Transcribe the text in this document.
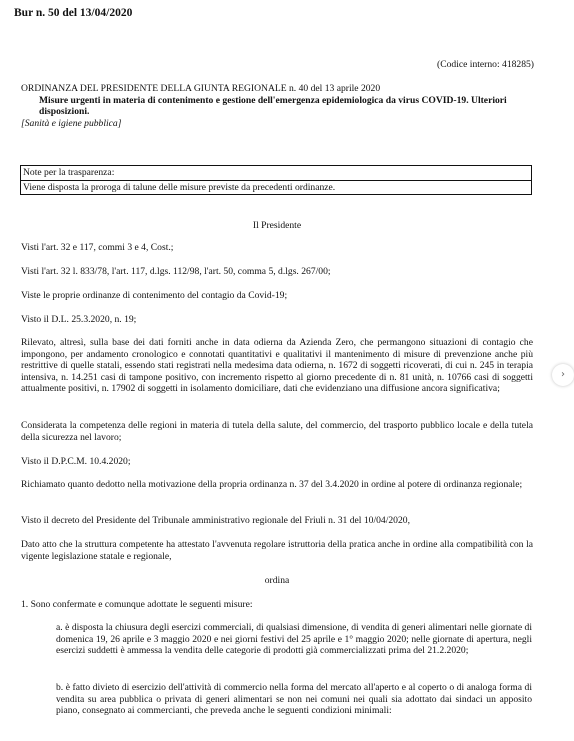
Bur n. 50 del 13/04/2020
(Codice interno: 418285)
ORDINANZA DEL PRESIDENTE DELLA GIUNTA REGIONALE n. 40 del 13 aprile 2020
Misure urgenti in materia di contenimento e gestione dell'emergenza epidemiologica da virus COVID-19. Ulteriori disposizioni.
[Sanità e igiene pubblica]
Note per la trasparenza:
Viene disposta la proroga di talune delle misure previste da precedenti ordinanze.
Il Presidente
Visti l'art. 32 e 117, commi 3 e 4, Cost.;
Visti l'art. 32 l. 833/78, l'art. 117, d.lgs. 112/98, l'art. 50, comma 5, d.lgs. 267/00;
Viste le proprie ordinanze di contenimento del contagio da Covid-19;
Visto il D.L. 25.3.2020, n. 19;
Rilevato, altresì, sulla base dei dati forniti anche in data odierna da Azienda Zero, che permangono situazioni di contagio che impongono, per andamento cronologico e connotati quantitativi e qualitativi il mantenimento di misure di prevenzione anche più restrittive di quelle statali, essendo stati registrati nella medesima data odierna, n. 1672 di soggetti ricoverati, di cui n. 245 in terapia intensiva, n. 14.251 casi di tampone positivo, con incremento rispetto al giorno precedente di n. 81 unità, n. 10766 casi di soggetti attualmente positivi, n. 17902 di soggetti in isolamento domiciliare, dati che evidenziano una diffusione ancora significativa;
Considerata la competenza delle regioni in materia di tutela della salute, del commercio, del trasporto pubblico locale e della tutela della sicurezza nel lavoro;
Visto il D.P.C.M. 10.4.2020;
Richiamato quanto dedotto nella motivazione della propria ordinanza n. 37 del 3.4.2020 in ordine al potere di ordinanza regionale;
Visto il decreto del Presidente del Tribunale amministrativo regionale del Friuli n. 31 del 10/04/2020,
Dato atto che la struttura competente ha attestato l'avvenuta regolare istruttoria della pratica anche in ordine alla compatibilità con la vigente legislazione statale e regionale,
ordina
1. Sono confermate e comunque adottate le seguenti misure:
a. è disposta la chiusura degli esercizi commerciali, di qualsiasi dimensione, di vendita di generi alimentari nelle giornate di domenica 19, 26 aprile e 3 maggio 2020 e nei giorni festivi del 25 aprile e 1° maggio 2020; nelle giornate di apertura, negli esercizi suddetti è ammessa la vendita delle categorie di prodotti già commercializzati prima del 21.2.2020;
b. è fatto divieto di esercizio dell'attività di commercio nella forma del mercato all'aperto e al coperto o di analoga forma di vendita su area pubblica o privata di generi alimentari se non nei comuni nei quali sia adottato dai sindaci un apposito piano, consegnato ai commercianti, che preveda anche le seguenti condizioni minimali:
›
